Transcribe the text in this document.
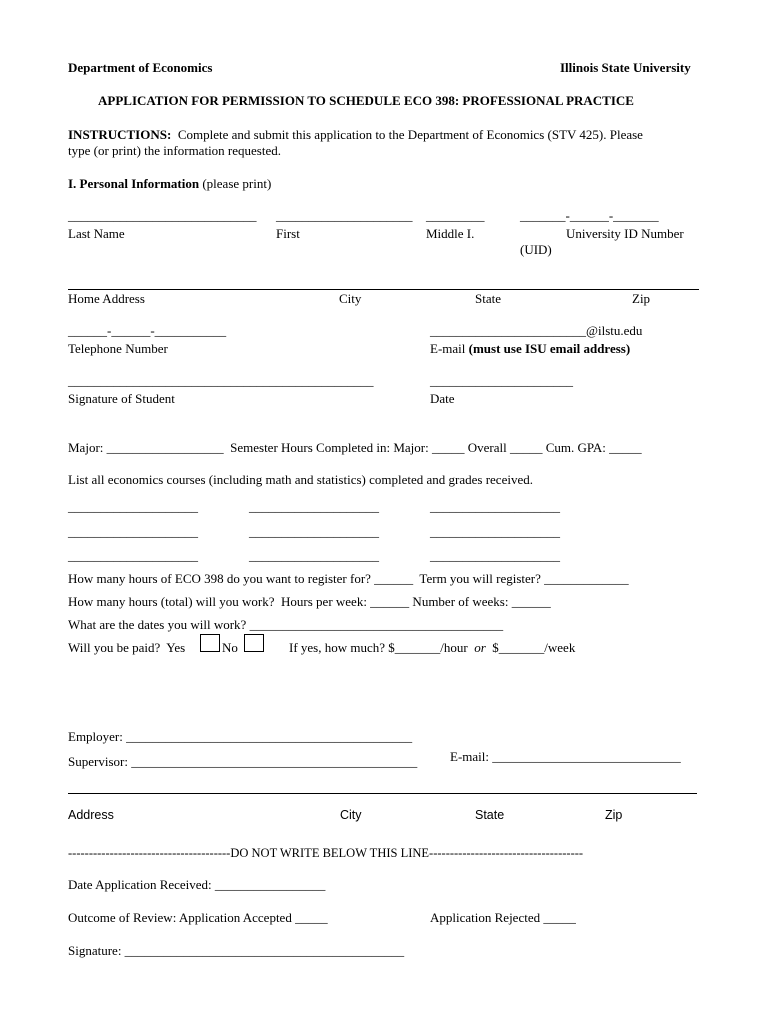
Department of Economics	Illinois State University
APPLICATION FOR PERMISSION TO SCHEDULE ECO 398: PROFESSIONAL PRACTICE
INSTRUCTIONS:  Complete and submit this application to the Department of Economics (STV 425). Please
type (or print) the information requested.
I. Personal Information (please print)
_____________________________ _____________________ _________	_______-______-_______
Last Name	First	Middle I.	University ID Number
(UID)
Home Address	City	State	Zip
______-______-___________	________________________@ilstu.edu
Telephone Number	E-mail (must use ISU email address)
_______________________________________________	______________________
Signature of Student	Date
Major: __________________  Semester Hours Completed in: Major: _____ Overall _____ Cum. GPA: _____
List all economics courses (including math and statistics) completed and grades received.
____________________	____________________	____________________
____________________	____________________	____________________
____________________	____________________	____________________
How many hours of ECO 398 do you want to register for? ______  Term you will register? _____________
How many hours (total) will you work?  Hours per week: ______ Number of weeks: ______
What are the dates you will work? _______________________________________
Will you be paid?  Yes	No	If yes, how much? $_______/hour  or  $_______/week
Employer: ____________________________________________
Supervisor: ____________________________________________	E-mail: _____________________________
Address	City	State	Zip
---------------------------------------DO NOT WRITE BELOW THIS LINE-------------------------------------
Date Application Received: _________________
Outcome of Review: Application Accepted _____	Application Rejected _____
Signature: ___________________________________________
